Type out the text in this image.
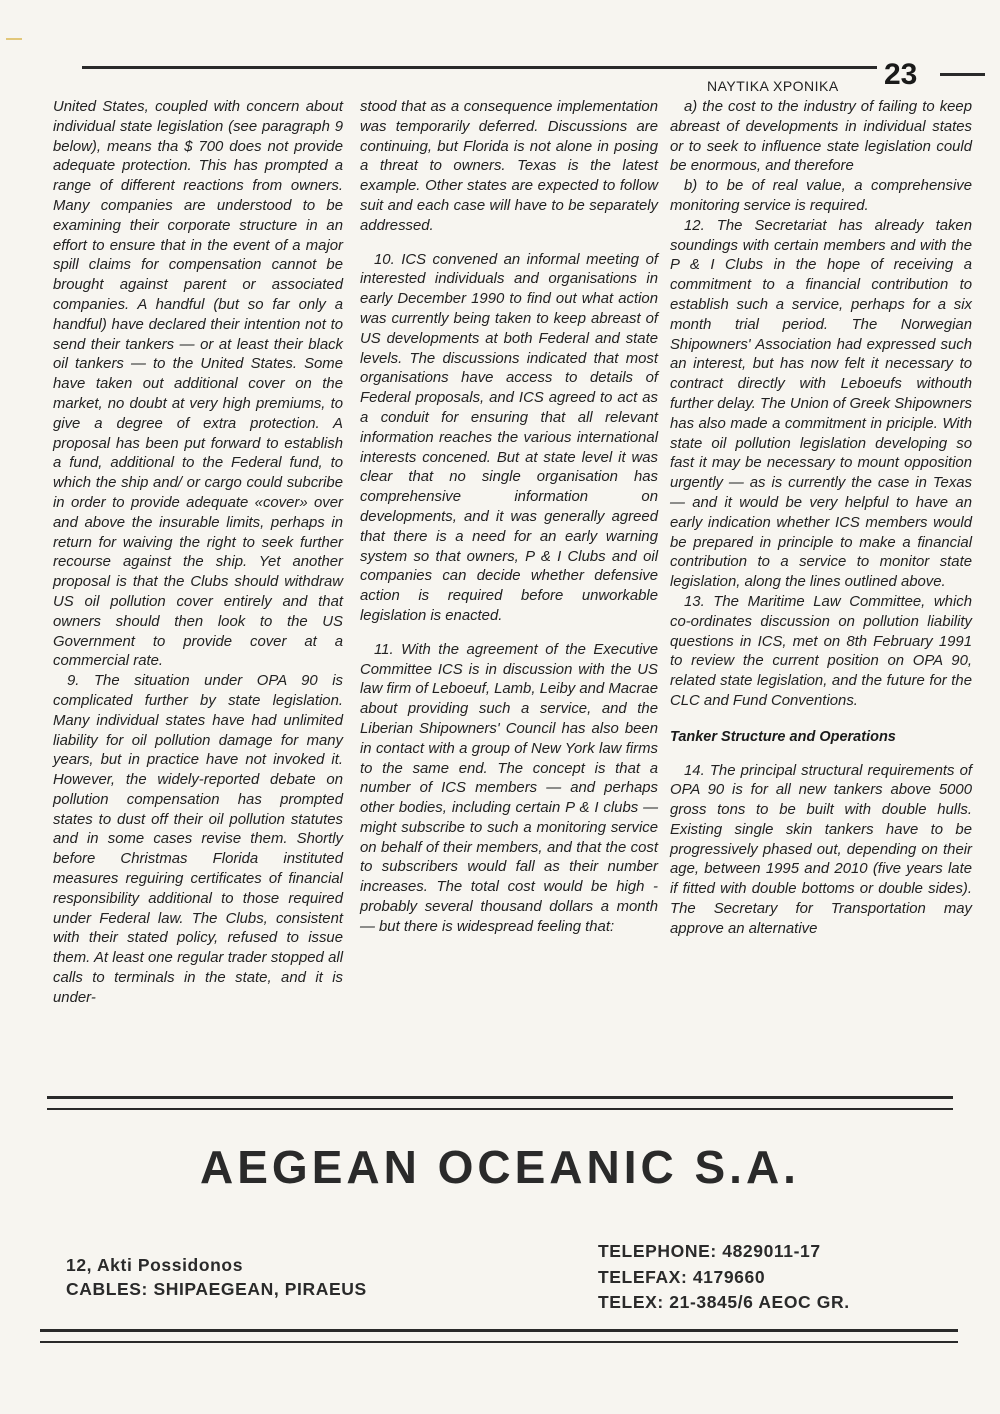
ΝΑΥΤΙΚΑ ΧΡΟΝΙΚΑ 23

United States, coupled with concern about individual state legislation (see paragraph 9 below), means tha $ 700 does not provide adequate protection. This has prompted a range of different reactions from owners. Many companies are understood to be examining their corporate structure in an effort to ensure that in the event of a major spill claims for compensation cannot be brought against parent or associated companies. A handful (but so far only a handful) have declared their intention not to send their tankers — or at least their black oil tankers — to the United States. Some have taken out additional cover on the market, no doubt at very high premiums, to give a degree of extra protection. A proposal has been put forward to establish a fund, additional to the Federal fund, to which the ship and/ or cargo could subcribe in order to provide adequate «cover» over and above the insurable limits, perhaps in return for waiving the right to seek further recourse against the ship. Yet another proposal is that the Clubs should withdraw US oil pollution cover entirely and that owners should then look to the US Government to provide cover at a commercial rate.

9. The situation under OPA 90 is complicated further by state legislation. Many individual states have had unlimited liability for oil pollution damage for many years, but in practice have not invoked it. However, the widely-reported debate on pollution compensation has prompted states to dust off their oil pollution statutes and in some cases revise them. Shortly before Christmas Florida instituted measures reguiring certificates of financial responsibility additional to those required under Federal law. The Clubs, consistent with their stated policy, refused to issue them. At least one regular trader stopped all calls to terminals in the state, and it is under-

stood that as a consequence implementation was temporarily deferred. Discussions are continuing, but Florida is not alone in posing a threat to owners. Texas is the latest example. Other states are expected to follow suit and each case will have to be separately addressed.

10. ICS convened an informal meeting of interested individuals and organisations in early December 1990 to find out what action was currently being taken to keep abreast of US developments at both Federal and state levels. The discussions indicated that most organisations have access to details of Federal proposals, and ICS agreed to act as a conduit for ensuring that all relevant information reaches the various international interests concened. But at state level it was clear that no single organisation has comprehensive information on developments, and it was generally agreed that there is a need for an early warning system so that owners, P & I Clubs and oil companies can decide whether defensive action is required before unworkable legislation is enacted.

11. With the agreement of the Executive Committee ICS is in discussion with the US law firm of Leboeuf, Lamb, Leiby and Macrae about providing such a service, and the Liberian Shipowners' Council has also been in contact with a group of New York law firms to the same end. The concept is that a number of ICS members — and perhaps other bodies, including certain P & I clubs — might subscribe to such a monitoring service on behalf of their members, and that the cost to subscribers would fall as their number increases. The total cost would be high - probably several thousand dollars a month — but there is widespread feeling that:

a) the cost to the industry of failing to keep abreast of developments in individual states or to seek to influence state legislation could be enormous, and therefore

b) to be of real value, a comprehensive monitoring service is required.

12. The Secretariat has already taken soundings with certain members and with the P & I Clubs in the hope of receiving a commitment to a financial contribution to establish such a service, perhaps for a six month trial period. The Norwegian Shipowners' Association had expressed such an interest, but has now felt it necessary to contract directly with Leboeufs withouth further delay. The Union of Greek Shipowners has also made a commitment in priciple. With state oil pollution legislation developing so fast it may be necessary to mount opposition urgently — as is currently the case in Texas — and it would be very helpful to have an early indication whether ICS members would be prepared in principle to make a financial contribution to a service to monitor state legislation, along the lines outlined above.

13. The Maritime Law Committee, which co-ordinates discussion on pollution liability questions in ICS, met on 8th February 1991 to review the current position on OPA 90, related state legislation, and the future for the CLC and Fund Conventions.

Tanker Structure and Operations

14. The principal structural requirements of OPA 90 is for all new tankers above 5000 gross tons to be built with double hulls. Existing single skin tankers have to be progressively phased out, depending on their age, between 1995 and 2010 (five years late if fitted with double bottoms or double sides). The Secretary for Transportation may approve an alternative

AEGEAN OCEANIC S.A.
12, Akti Possidonos
CABLES: SHIPAEGEAN, PIRAEUS
TELEPHONE: 4829011-17
TELEFAX: 4179660
TELEX: 21-3845/6 AEOC GR.
